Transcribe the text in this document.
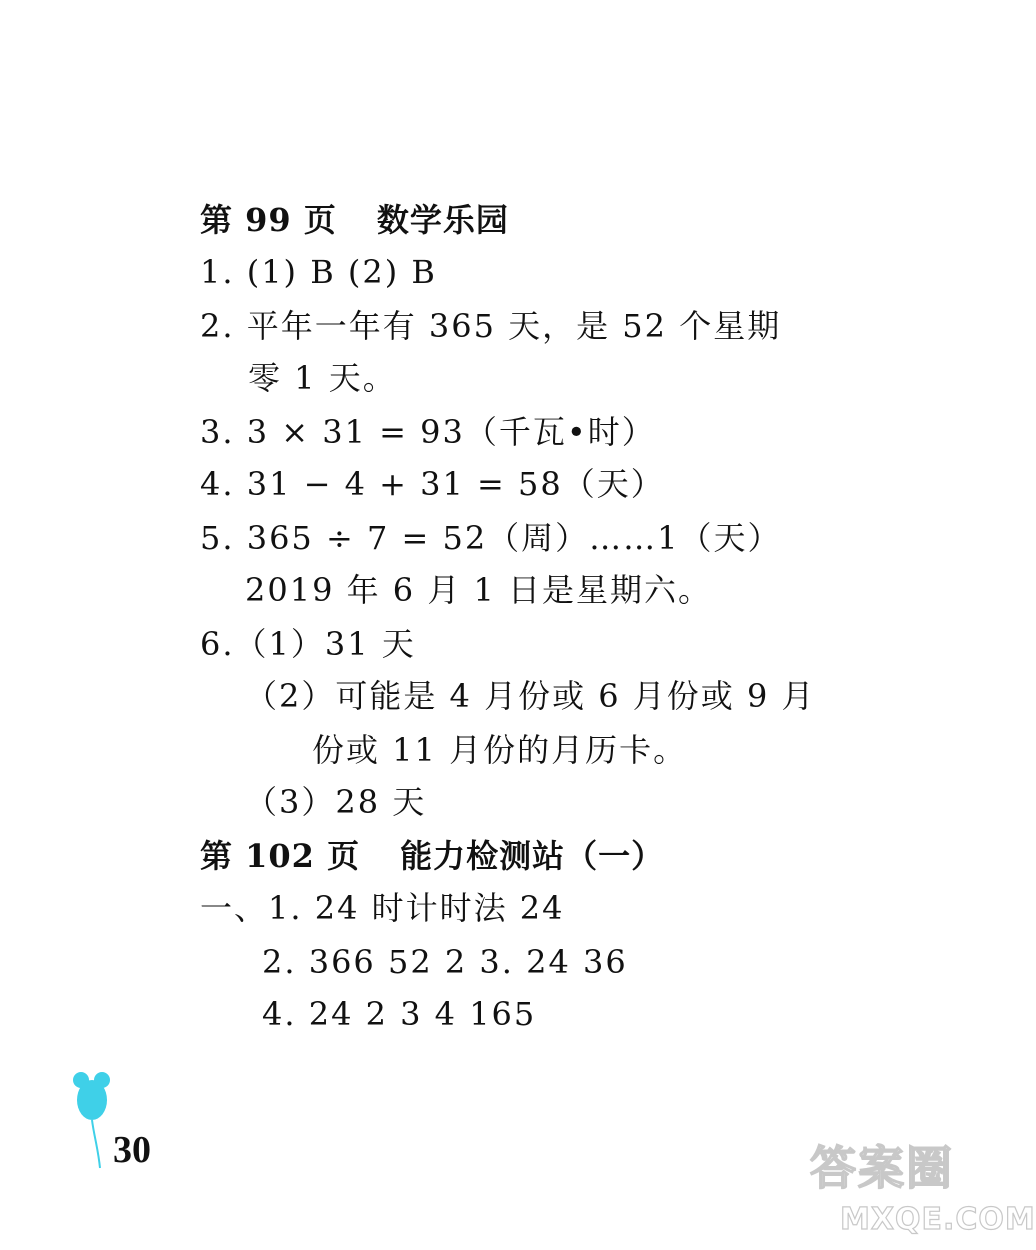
第 99 页 数学乐园
1. (1) B (2) B
2. 平年一年有 365 天，是 52 个星期
零 1 天。
3. 3 × 31 = 93（千瓦•时）
4. 31 − 4 + 31 = 58（天）
5. 365 ÷ 7 = 52（周）……1（天）
2019 年 6 月 1 日是星期六。
6.（1）31 天
（2）可能是 4 月份或 6 月份或 9 月
份或 11 月份的月历卡。
（3）28 天
第 102 页 能力检测站（一）
一、1. 24 时计时法 24
2. 366 52 2 3. 24 36
4. 24 2 3 4 165
30	答案圈
MXQE.COM
